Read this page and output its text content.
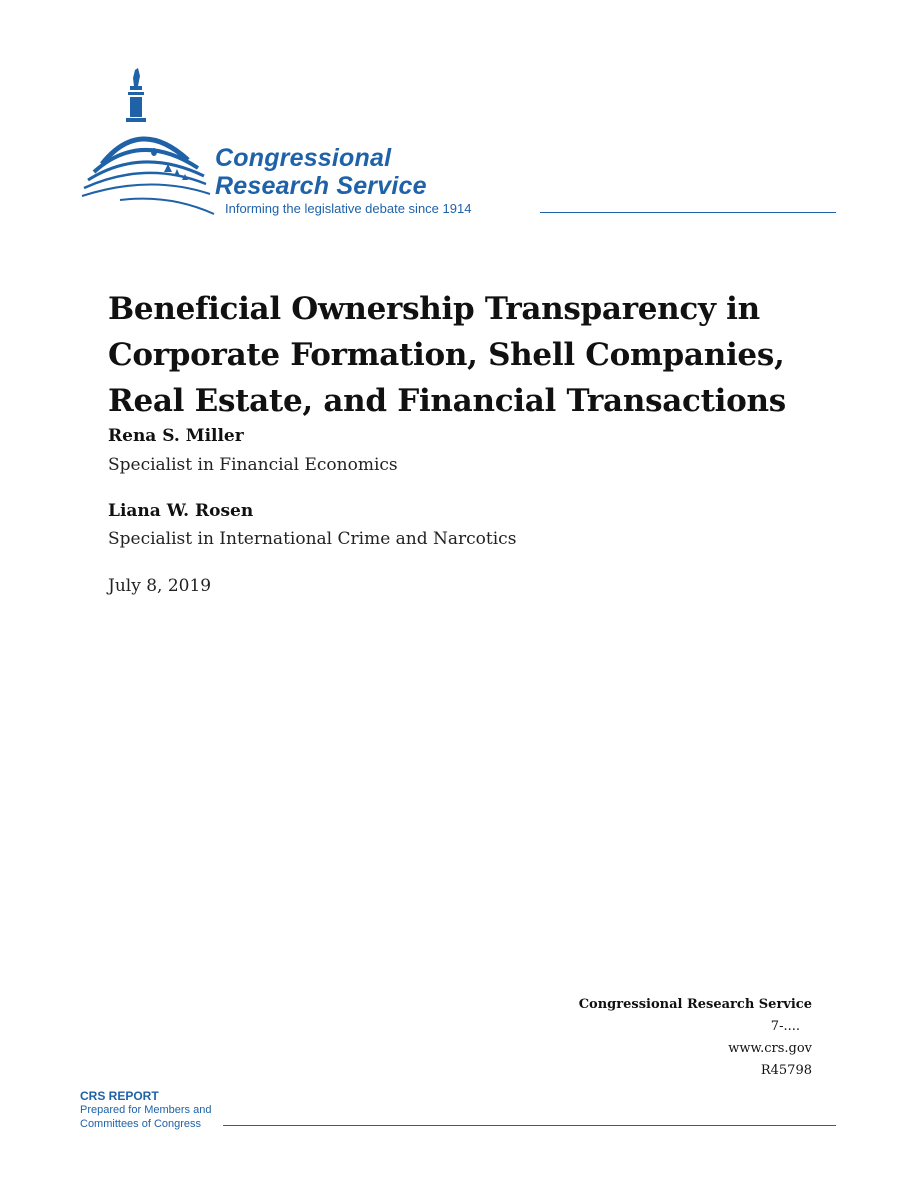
Congressional
Research Service
Informing the legislative debate since 1914
Beneficial Ownership Transparency in Corporate Formation, Shell Companies, Real Estate, and Financial Transactions
Rena S. Miller
Specialist in Financial Economics
Liana W. Rosen
Specialist in International Crime and Narcotics
July 8, 2019
Congressional Research Service
7-....
www.crs.gov
R45798
CRS REPORT
Prepared for Members and
Committees of Congress
